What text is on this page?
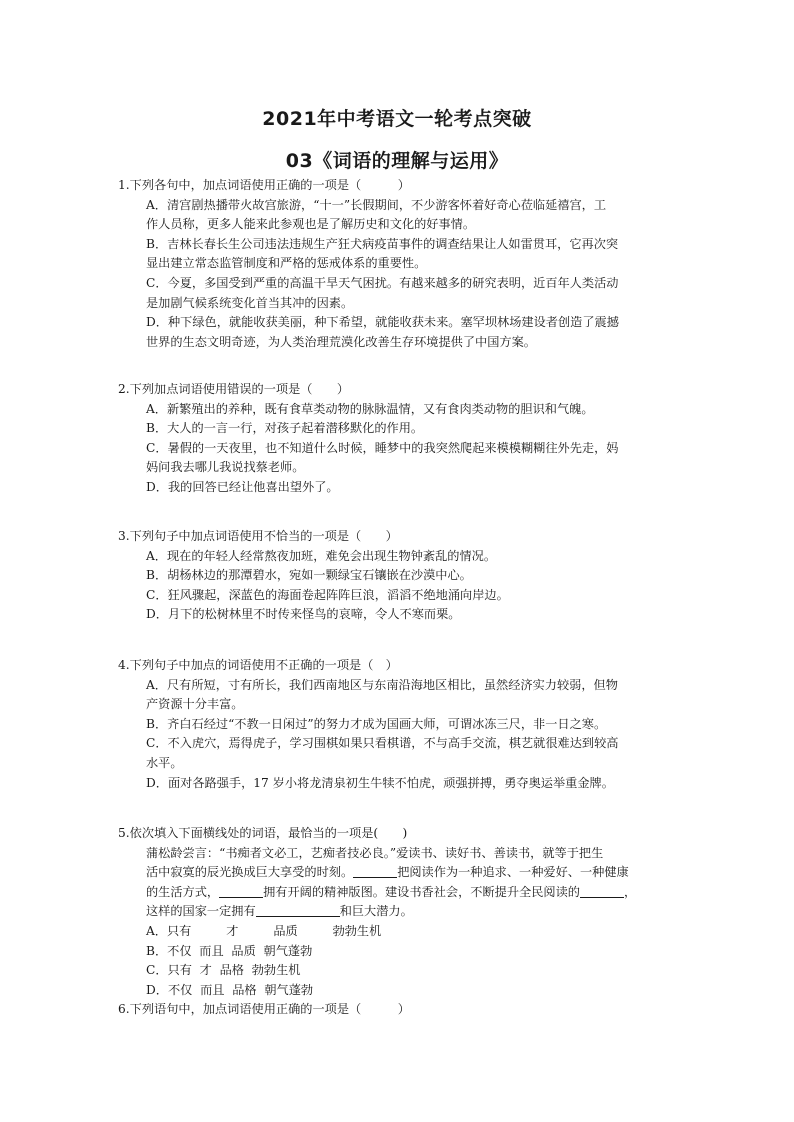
2021年中考语文一轮考点突破
03《词语的理解与运用》
1.下列各句中，加点词语使用正确的一项是（　　　）
A．清宫剧热播带火故宫旅游，“十一”长假期间，不少游客怀着好奇心莅临延禧宫，工
作人员称，更多人能来此参观也是了解历史和文化的好事情。
B．吉林长春长生公司违法违规生产狂犬病疫苗事件的调查结果让人如雷贯耳，它再次突
显出建立常态监管制度和严格的惩戒体系的重要性。
C．今夏，多国受到严重的高温干旱天气困扰。有越来越多的研究表明，近百年人类活动
是加剧气候系统变化首当其冲的因素。
D．种下绿色，就能收获美丽，种下希望，就能收获未来。塞罕坝林场建设者创造了震撼
世界的生态文明奇迹，为人类治理荒漠化改善生存环境提供了中国方案。
2.下列加点词语使用错误的一项是（　　）
A．新繁殖出的养种，既有食草类动物的脉脉温情，又有食肉类动物的胆识和气魄。
B．大人的一言一行，对孩子起着潜移默化的作用。
C．暑假的一天夜里，也不知道什么时候，睡梦中的我突然爬起来模模糊糊往外先走，妈
妈问我去哪儿我说找蔡老师。
D．我的回答已经让他喜出望外了。
3.下列句子中加点词语使用不恰当的一项是（　　）
A．现在的年轻人经常熬夜加班，难免会出现生物钟紊乱的情况。
B．胡杨林边的那潭碧水，宛如一颗绿宝石镶嵌在沙漠中心。
C．狂风骤起，深蓝色的海面卷起阵阵巨浪，滔滔不绝地涌向岸边。
D．月下的松树林里不时传来怪鸟的哀啼，令人不寒而栗。
4.下列句子中加点的词语使用不正确的一项是（　）
A．尺有所短，寸有所长，我们西南地区与东南沿海地区相比，虽然经济实力较弱，但物
产资源十分丰富。
B．齐白石经过“不教一日闲过”的努力才成为国画大师，可谓冰冻三尺，非一日之寒。
C．不入虎穴，焉得虎子，学习围棋如果只看棋谱，不与高手交流，棋艺就很难达到较高
水平。
D．面对各路强手，17 岁小将龙清泉初生牛犊不怕虎，顽强拼搏，勇夺奥运举重金牌。
5.依次填入下面横线处的词语，最恰当的一项是(　　)
蒲松龄尝言：“书痴者文必工，艺痴者技必良。”爱读书、读好书、善读书，就等于把生
活中寂寞的辰光换成巨大享受的时刻。	把阅读作为一种追求、一种爱好、一种健康
的生活方式，	拥有开阔的精神版图。建设书香社会，不断提升全民阅读的	，
这样的国家一定拥有	和巨大潜力。
A．只有	才	品质	勃勃生机
B．不仅 而且 品质 朝气蓬勃
C．只有 才 品格 勃勃生机
D．不仅 而且 品格 朝气蓬勃
6.下列语句中，加点词语使用正确的一项是（　　　）
